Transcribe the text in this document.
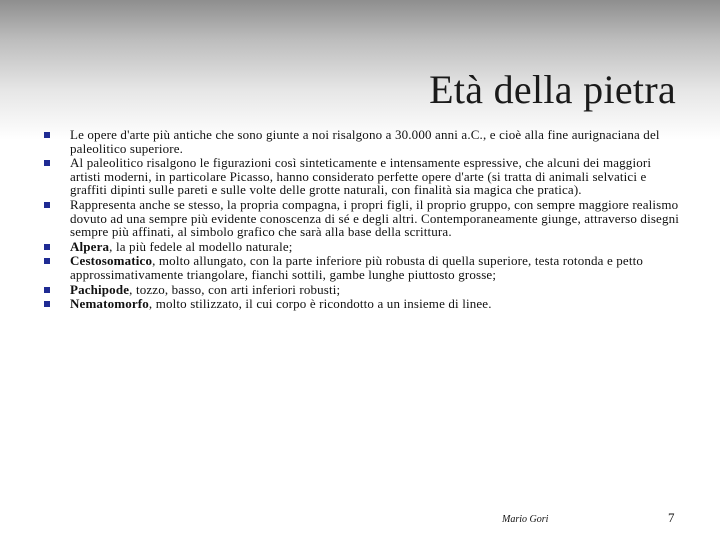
Età della pietra
Le opere d'arte più antiche che sono giunte a noi risalgono a 30.000 anni a.C., e cioè alla fine aurignaciana del paleolitico superiore.
Al paleolitico risalgono le figurazioni così sinteticamente e intensamente espressive, che alcuni dei maggiori artisti moderni, in particolare Picasso, hanno considerato perfette opere d'arte (si tratta di animali selvatici e graffiti dipinti sulle pareti e sulle volte delle grotte naturali, con finalità sia magica che pratica).
Rappresenta anche se stesso, la propria compagna, i propri figli, il proprio gruppo, con sempre maggiore realismo dovuto ad una sempre più evidente conoscenza di sé e degli altri. Contemporaneamente giunge, attraverso disegni sempre più affinati, al simbolo grafico che sarà alla base della scrittura.
Alpera, la più fedele al modello naturale;
Cestosomatico, molto allungato, con la parte inferiore più robusta di quella superiore, testa rotonda e petto approssimativamente triangolare, fianchi sottili, gambe lunghe piuttosto grosse;
Pachipode, tozzo, basso, con arti inferiori robusti;
Nematomorfo, molto stilizzato, il cui corpo è ricondotto a un insieme di linee.
Mario Gori	7
